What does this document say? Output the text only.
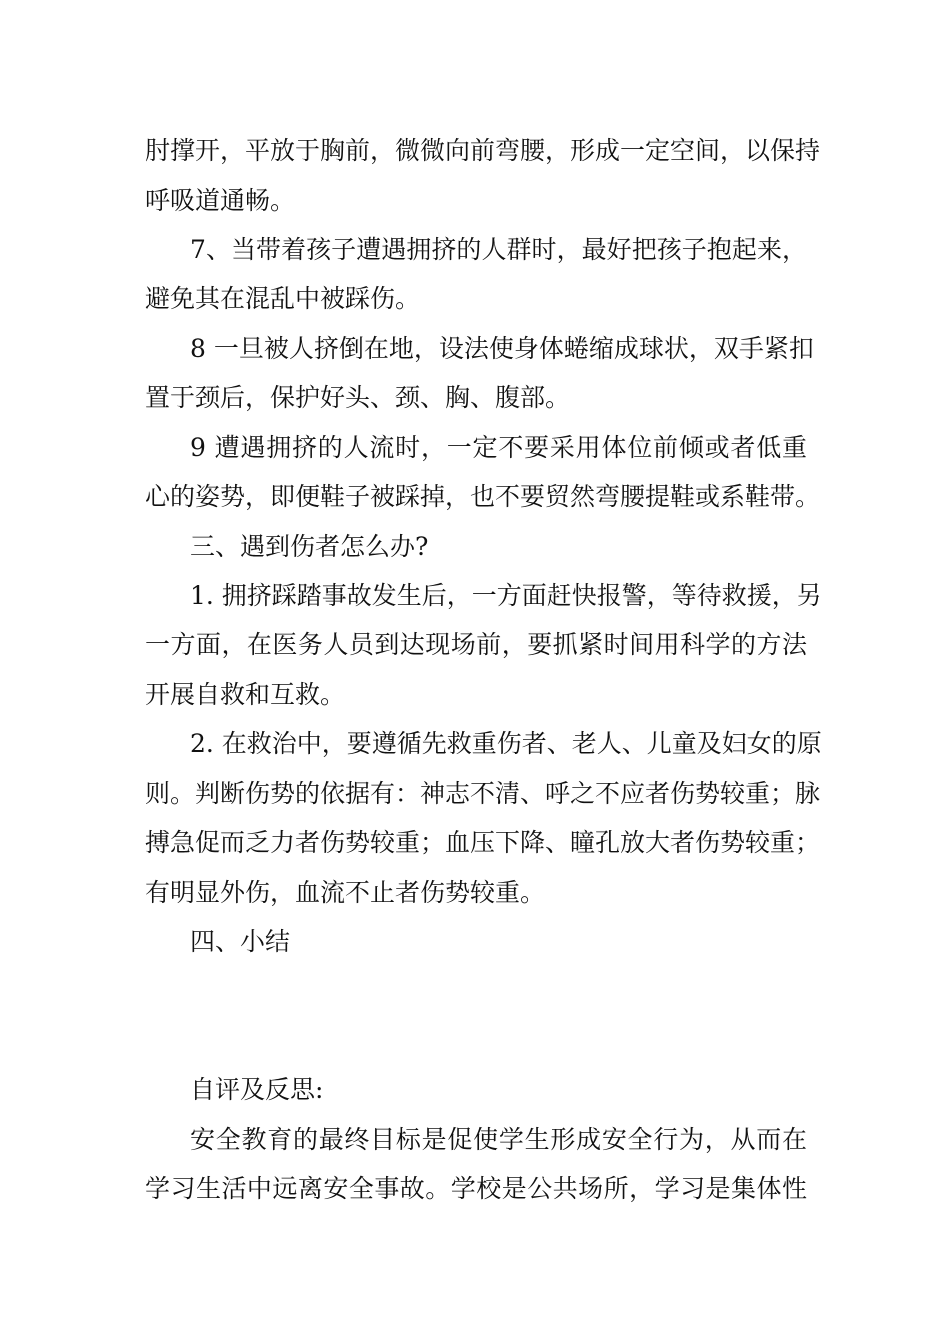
肘撑开，平放于胸前，微微向前弯腰，形成一定空间，以保持
呼吸道通畅。
7、当带着孩子遭遇拥挤的人群时，最好把孩子抱起来，
避免其在混乱中被踩伤。
8 一旦被人挤倒在地，设法使身体蜷缩成球状，双手紧扣
置于颈后，保护好头、颈、胸、腹部。
9 遭遇拥挤的人流时，一定不要采用体位前倾或者低重
心的姿势，即便鞋子被踩掉，也不要贸然弯腰提鞋或系鞋带。
三、遇到伤者怎么办?
1. 拥挤踩踏事故发生后，一方面赶快报警，等待救援，另
一方面，在医务人员到达现场前，要抓紧时间用科学的方法
开展自救和互救。
2. 在救治中，要遵循先救重伤者、老人、儿童及妇女的原
则。判断伤势的依据有：神志不清、呼之不应者伤势较重；脉
搏急促而乏力者伤势较重；血压下降、瞳孔放大者伤势较重；
有明显外伤，血流不止者伤势较重。
四、小结
自评及反思:
安全教育的最终目标是促使学生形成安全行为，从而在
学习生活中远离安全事故。学校是公共场所，学习是集体性
